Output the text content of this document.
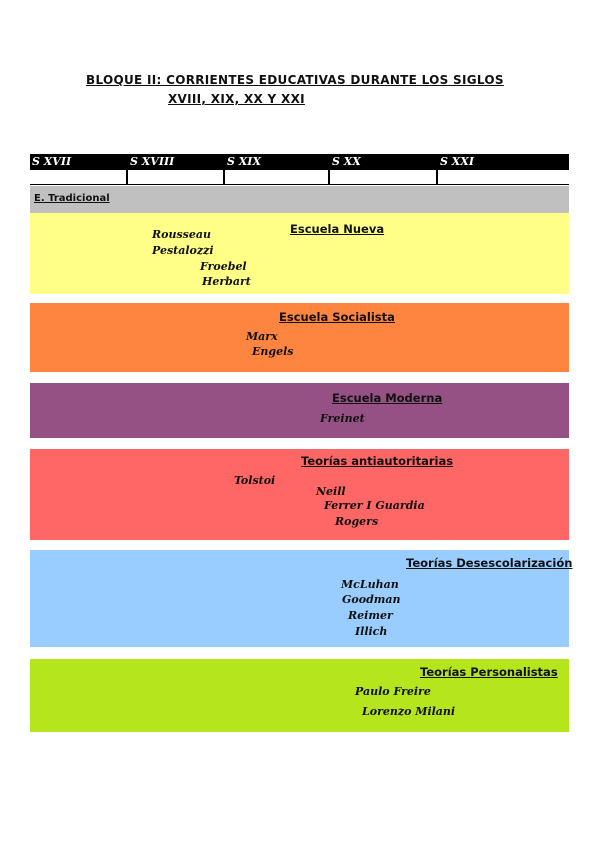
BLOQUE II: CORRIENTES EDUCATIVAS DURANTE LOS SIGLOS
XVIII, XIX, XX Y XXI
S XVII	S XVIII	S XIX	S XX	S XXI
E. Tradicional
Escuela Nueva
Rousseau
Pestalozzi
Froebel
Herbart
Escuela Socialista
Marx
Engels
Escuela Moderna
Freinet
Teorías antiautoritarias
Tolstoi
Neill
Ferrer I Guardia
Rogers
Teorías Desescolarización
McLuhan
Goodman
Reimer
Illich
Teorías Personalistas
Paulo Freire
Lorenzo Milani
